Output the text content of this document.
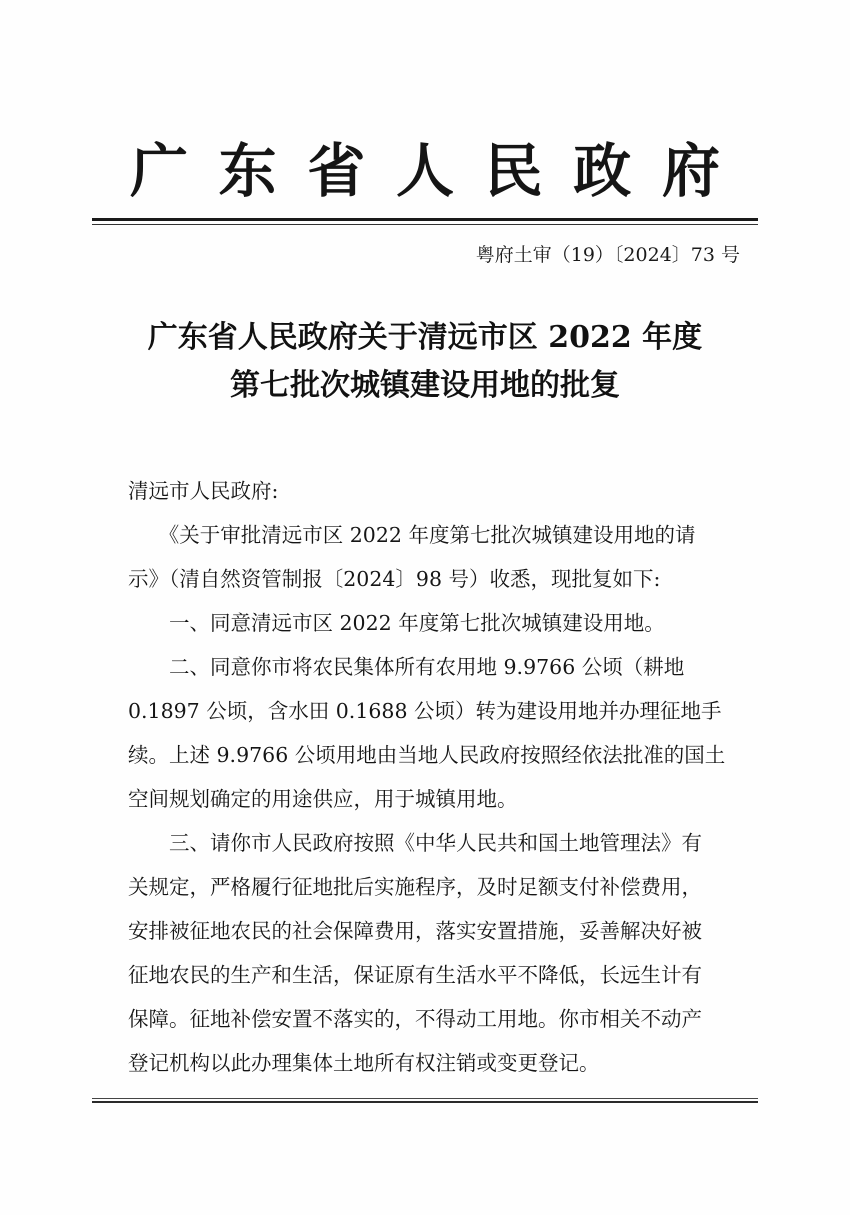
广 东 省 人 民 政 府
粤府土审（19）〔2024〕73 号
广东省人民政府关于清远市区 2022 年度
第七批次城镇建设用地的批复
清远市人民政府:
　　《关于审批清远市区 2022 年度第七批次城镇建设用地的请
示》（清自然资管制报〔2024〕98 号）收悉，现批复如下:
　　一、同意清远市区 2022 年度第七批次城镇建设用地。
　　二、同意你市将农民集体所有农用地 9.9766 公顷（耕地
0.1897 公顷，含水田 0.1688 公顷）转为建设用地并办理征地手
续。上述 9.9766 公顷用地由当地人民政府按照经依法批准的国土
空间规划确定的用途供应，用于城镇用地。
　　三、请你市人民政府按照《中华人民共和国土地管理法》有
关规定，严格履行征地批后实施程序，及时足额支付补偿费用，
安排被征地农民的社会保障费用，落实安置措施，妥善解决好被
征地农民的生产和生活，保证原有生活水平不降低，长远生计有
保障。征地补偿安置不落实的，不得动工用地。你市相关不动产
登记机构以此办理集体土地所有权注销或变更登记。
